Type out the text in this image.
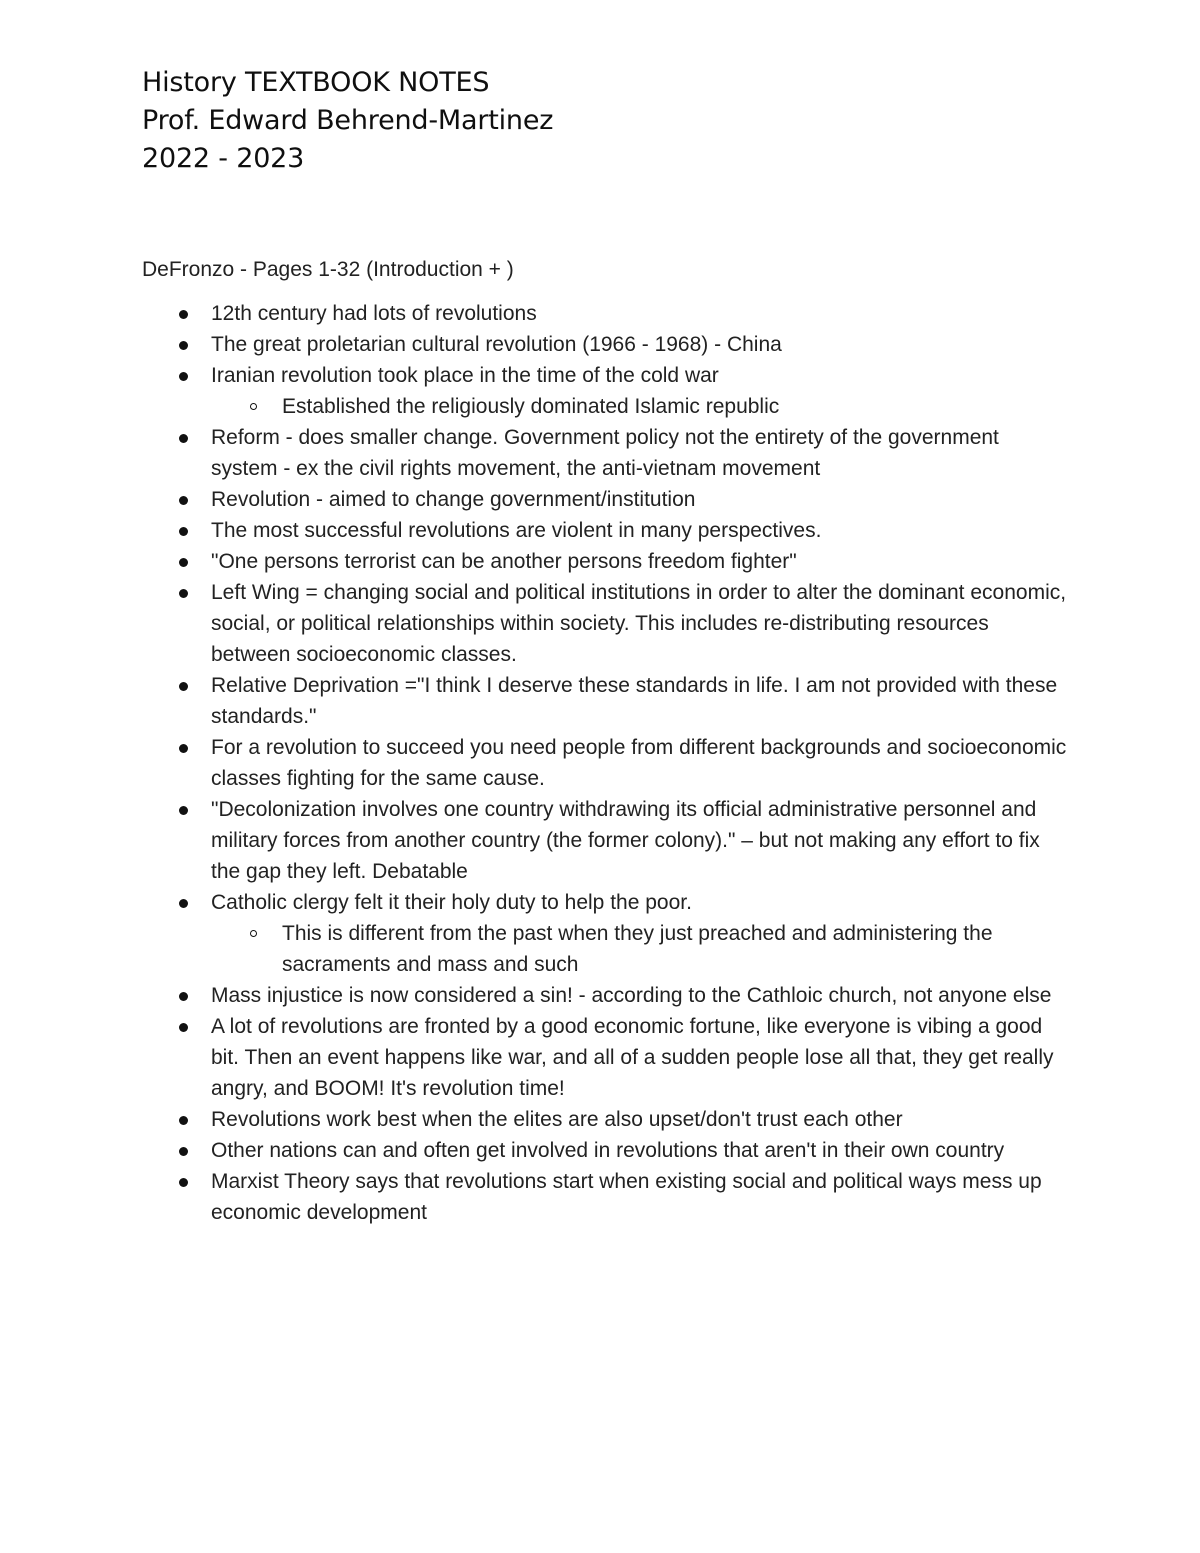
History TEXTBOOK NOTES
Prof. Edward Behrend-Martinez
2022 - 2023
DeFronzo - Pages 1-32 (Introduction + )
12th century had lots of revolutions
The great proletarian cultural revolution (1966 - 1968) - China
Iranian revolution took place in the time of the cold war
Established the religiously dominated Islamic republic
Reform - does smaller change. Government policy not the entirety of the government system - ex the civil rights movement, the anti-vietnam movement
Revolution - aimed to change government/institution
The most successful revolutions are violent in many perspectives.
"One persons terrorist can be another persons freedom fighter"
Left Wing = changing social and political institutions in order to alter the dominant economic, social, or political relationships within society. This includes re-distributing resources between socioeconomic classes.
Relative Deprivation ="I think I deserve these standards in life. I am not provided with these standards."
For a revolution to succeed you need people from different backgrounds and socioeconomic classes fighting for the same cause.
"Decolonization involves one country withdrawing its official administrative personnel and military forces from another country (the former colony)." – but not making any effort to fix the gap they left. Debatable
Catholic clergy felt it their holy duty to help the poor.
This is different from the past when they just preached and administering the sacraments and mass and such
Mass injustice is now considered a sin! - according to the Cathloic church, not anyone else
A lot of revolutions are fronted by a good economic fortune, like everyone is vibing a good bit. Then an event happens like war, and all of a sudden people lose all that, they get really angry, and BOOM! It's revolution time!
Revolutions work best when the elites are also upset/don't trust each other
Other nations can and often get involved in revolutions that aren't in their own country
Marxist Theory says that revolutions start when existing social and political ways mess up economic development
